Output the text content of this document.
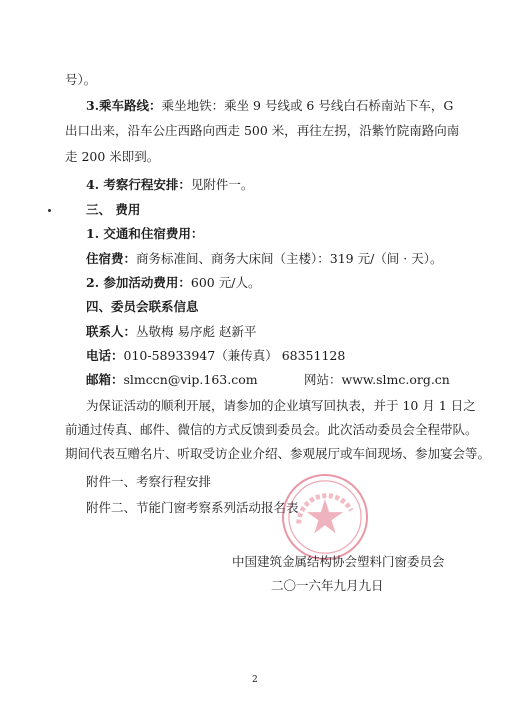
号）。
3.乘车路线：乘坐地铁：乘坐 9 号线或 6 号线白石桥南站下车，G
出口出来，沿车公庄西路向西走 500 米，再往左拐，沿紫竹院南路向南
走 200 米即到。
4. 考察行程安排：见附件一。
三、 费用
1. 交通和住宿费用：
住宿费：商务标准间、商务大床间（主楼）：319 元/（间 · 天）。
2. 参加活动费用：600 元/人。
四、委员会联系信息
联系人：丛敬梅 易序彪 赵新平
电话：010-58933947（兼传真） 68351128
邮箱：slmccn@vip.163.com	网站：www.slmc.org.cn
为保证活动的顺利开展，请参加的企业填写回执表，并于 10 月 1 日之
前通过传真、邮件、微信的方式反馈到委员会。此次活动委员会全程带队。
期间代表互赠名片、听取受访企业介绍、参观展厅或车间现场、参加宴会等。
附件一、考察行程安排
附件二、节能门窗考察系列活动报名表
中国建筑金属结构协会塑料门窗委员会
二〇一六年九月九日
2
